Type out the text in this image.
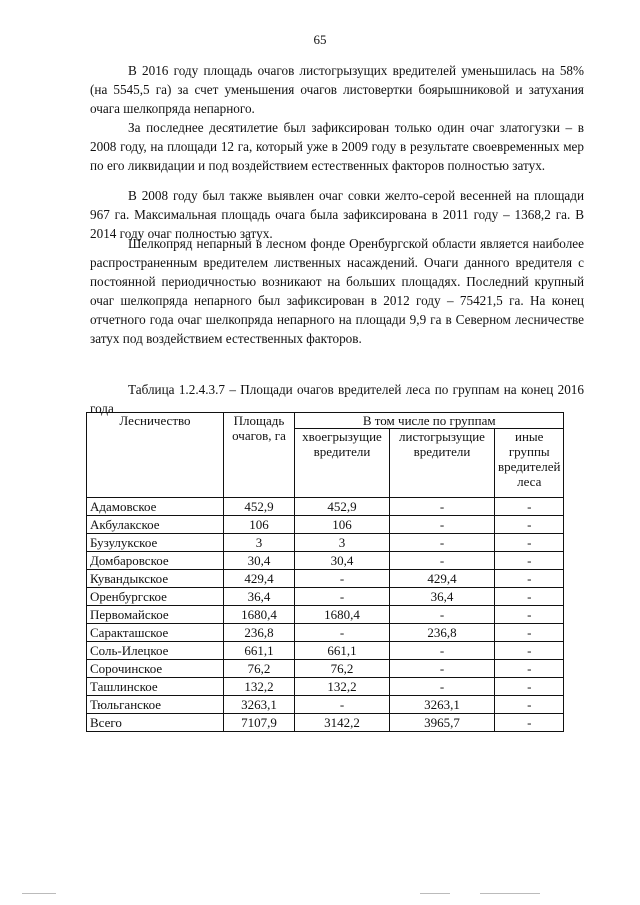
65

В 2016 году площадь очагов листогрызущих вредителей уменьшилась на 58% (на 5545,5 га) за счет уменьшения очагов листовертки боярышниковой и затухания очага шелкопряда непарного.

За последнее десятилетие был зафиксирован только один очаг златогузки – в 2008 году, на площади 12 га, который уже в 2009 году в результате своевременных мер по его ликвидации и под воздействием естественных факторов полностью затух.

В 2008 году был также выявлен очаг совки желто-серой весенней на площади 967 га. Максимальная площадь очага была зафиксирована в 2011 году – 1368,2 га. В 2014 году очаг полностью затух.

Шелкопряд непарный в лесном фонде Оренбургской области является наиболее распространенным вредителем лиственных насаждений. Очаги данного вредителя с постоянной периодичностью возникают на больших площадях. Последний крупный очаг шелкопряда непарного был зафиксирован в 2012 году – 75421,5 га. На конец отчетного года очаг шелкопряда непарного на площади 9,9 га в Северном лесничестве затух под воздействием естественных факторов.

Таблица 1.2.4.3.7 – Площади очагов вредителей леса по группам на конец 2016 года

Лесничество	Площадь очагов, га	В том числе по группам		
		хвоегрызущие вредители	листогрызущие вредители	иные группы вредителей леса
Адамовское	452,9	452,9	-	-
Акбулакское	106	106	-	-
Бузулукское	3	3	-	-
Домбаровское	30,4	30,4	-	-
Кувандыкское	429,4	-	429,4	-
Оренбургское	36,4	-	36,4	-
Первомайское	1680,4	1680,4	-	-
Саракташское	236,8	-	236,8	-
Соль-Илецкое	661,1	661,1	-	-
Сорочинское	76,2	76,2	-	-
Ташлинское	132,2	132,2	-	-
Тюльганское	3263,1	-	3263,1	-
Всего	7107,9	3142,2	3965,7	-
